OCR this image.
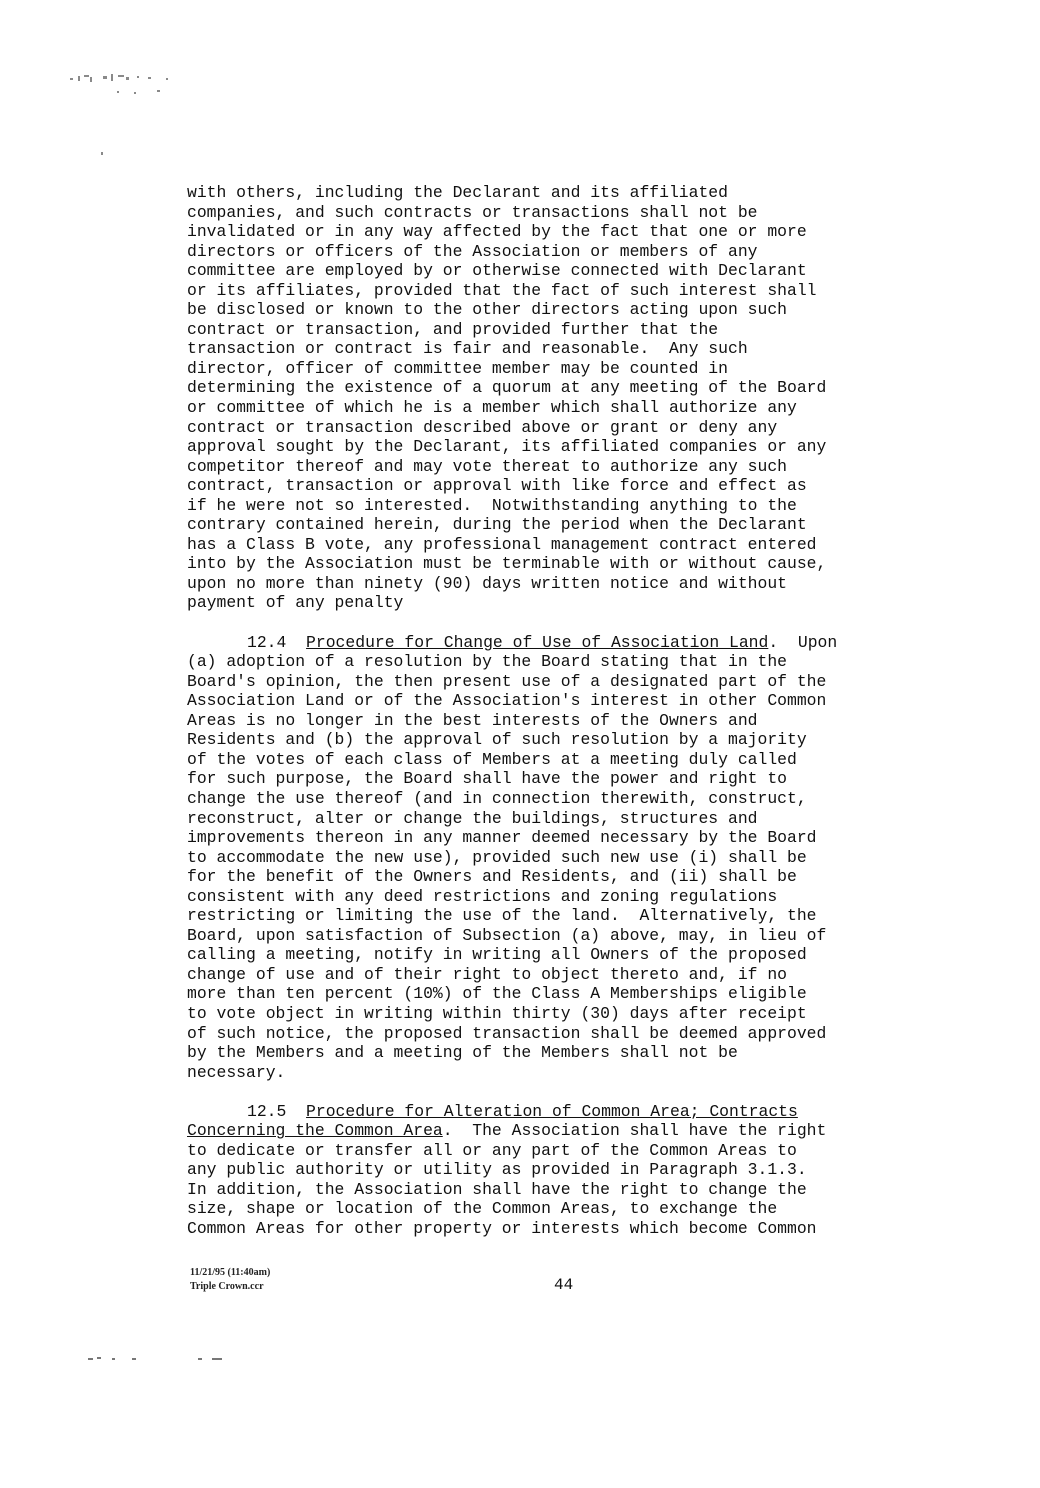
with others, including the Declarant and its affiliated
companies, and such contracts or transactions shall not be
invalidated or in any way affected by the fact that one or more
directors or officers of the Association or members of any
committee are employed by or otherwise connected with Declarant
or its affiliates, provided that the fact of such interest shall
be disclosed or known to the other directors acting upon such
contract or transaction, and provided further that the
transaction or contract is fair and reasonable.  Any such
director, officer of committee member may be counted in
determining the existence of a quorum at any meeting of the Board
or committee of which he is a member which shall authorize any
contract or transaction described above or grant or deny any
approval sought by the Declarant, its affiliated companies or any
competitor thereof and may vote thereat to authorize any such
contract, transaction or approval with like force and effect as
if he were not so interested.  Notwithstanding anything to the
contrary contained herein, during the period when the Declarant
has a Class B vote, any professional management contract entered
into by the Association must be terminable with or without cause,
upon no more than ninety (90) days written notice and without
payment of any penalty
12.4 Procedure for Change of Use of Association Land.  Upon
(a) adoption of a resolution by the Board stating that in the
Board's opinion, the then present use of a designated part of the
Association Land or of the Association's interest in other Common
Areas is no longer in the best interests of the Owners and
Residents and (b) the approval of such resolution by a majority
of the votes of each class of Members at a meeting duly called
for such purpose, the Board shall have the power and right to
change the use thereof (and in connection therewith, construct,
reconstruct, alter or change the buildings, structures and
improvements thereon in any manner deemed necessary by the Board
to accommodate the new use), provided such new use (i) shall be
for the benefit of the Owners and Residents, and (ii) shall be
consistent with any deed restrictions and zoning regulations
restricting or limiting the use of the land.  Alternatively, the
Board, upon satisfaction of Subsection (a) above, may, in lieu of
calling a meeting, notify in writing all Owners of the proposed
change of use and of their right to object thereto and, if no
more than ten percent (10%) of the Class A Memberships eligible
to vote object in writing within thirty (30) days after receipt
of such notice, the proposed transaction shall be deemed approved
by the Members and a meeting of the Members shall not be
necessary.
12.5 Procedure for Alteration of Common Area; Contracts
Concerning the Common Area.  The Association shall have the right
to dedicate or transfer all or any part of the Common Areas to
any public authority or utility as provided in Paragraph 3.1.3.
In addition, the Association shall have the right to change the
size, shape or location of the Common Areas, to exchange the
Common Areas for other property or interests which become Common
11/21/95 (11:40am)
Triple Crown.ccr	44
